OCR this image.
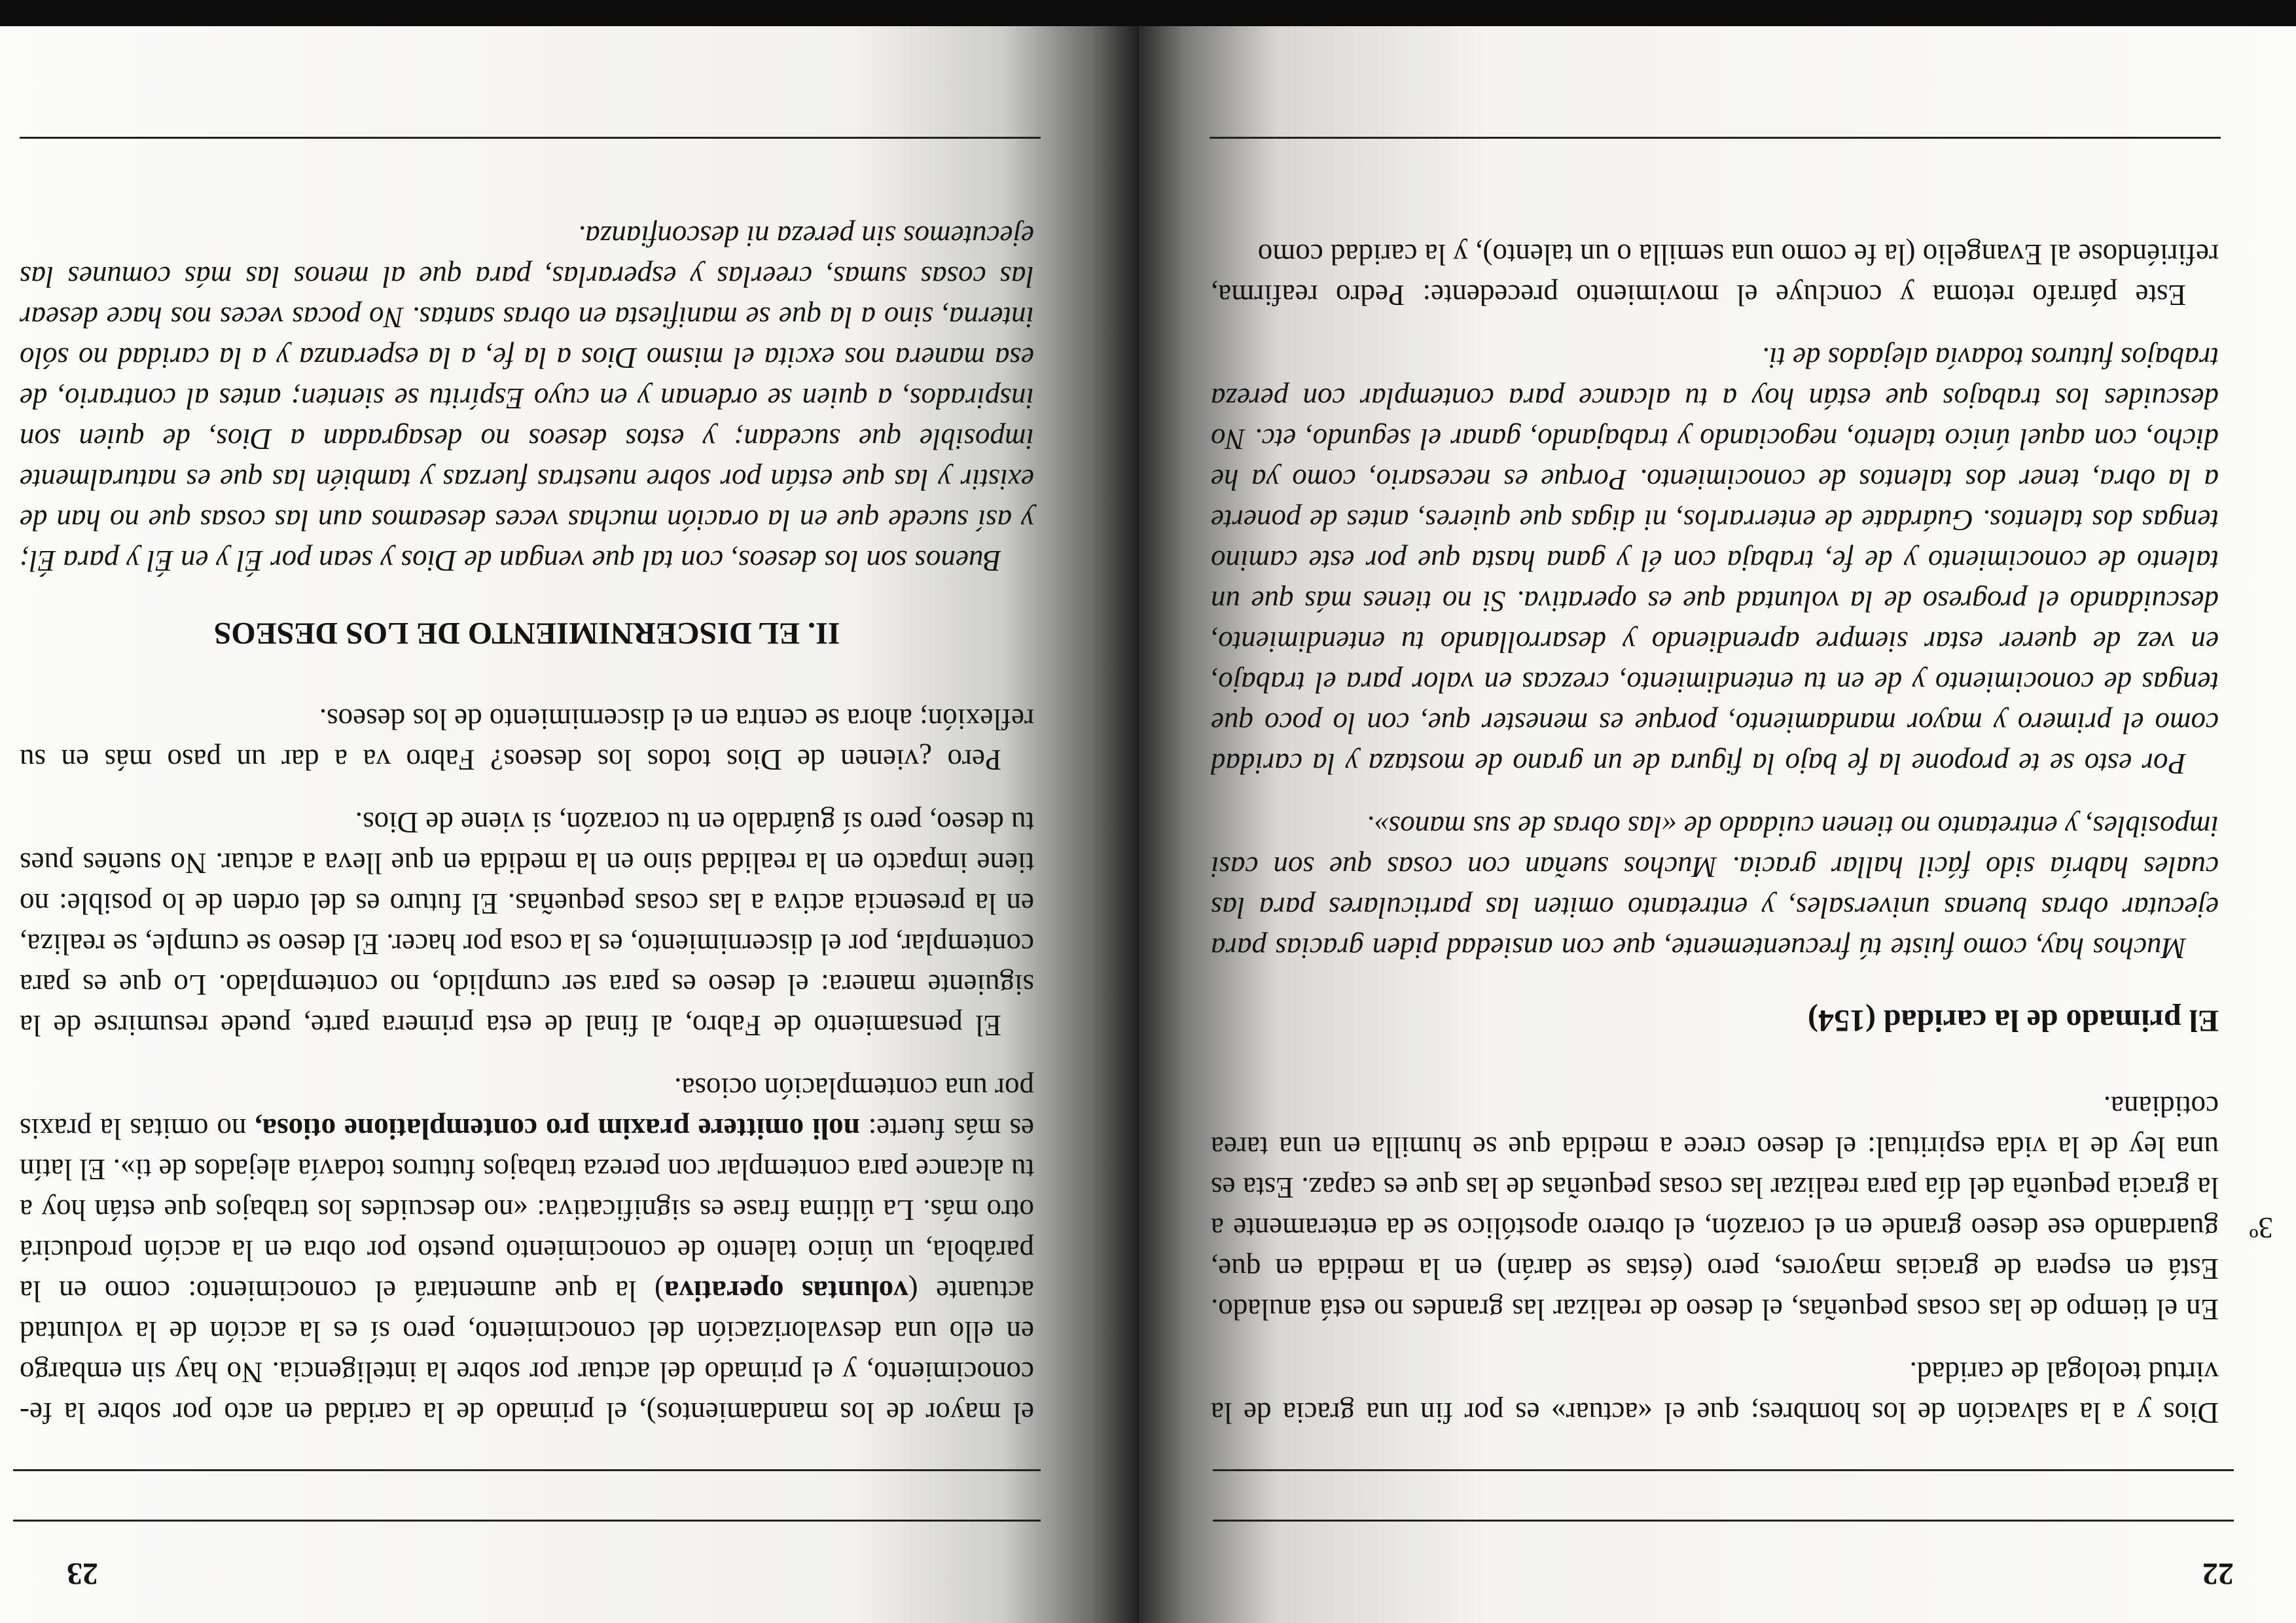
22
3º

Dios y a la salvación de los hombres; que el «actuar» es por fin una gracia de la virtud teologal de caridad.

En el tiempo de las cosas pequeñas, el deseo de realizar las grandes no está anulado. Está en espera de gracias mayores, pero (éstas se darán) en la medida en que, guardando ese deseo grande en el corazón, el obrero apostólico se da enteramente a la gracia pequeña del día para realizar las cosas pequeñas de las que es capaz. Esta es una ley de la vida espiritual: el deseo crece a medida que se humilla en una tarea cotidiana.

El primado de la caridad (154)

Muchos hay, como fuiste tú frecuentemente, que con ansiedad piden gracias para ejecutar obras buenas universales, y entretanto omiten las particulares para las cuales habría sido fácil hallar gracia. Muchos sueñan con cosas que son casi imposibles, y entretanto no tienen cuidado de «las obras de sus manos».

Por esto se te propone la fe bajo la figura de un grano de mostaza y la caridad como el primero y mayor mandamiento, porque es menester que, con lo poco que tengas de conocimiento y de en tu entendimiento, crezcas en valor para el trabajo, en vez de querer estar siempre aprendiendo y desarrollando tu entendimiento, descuidando el progreso de la voluntad que es operativa. Si no tienes más que un talento de conocimiento y de fe, trabaja con él y gana hasta que por este camino tengas dos talentos. Guárdate de enterrarlos, ni digas que quieres, antes de ponerte a la obra, tener dos talentos de conocimiento. Porque es necesario, como ya he dicho, con aquel único talento, negociando y trabajando, ganar el segundo, etc. No descuides los trabajos que están hoy a tu alcance para contemplar con pereza trabajos futuros todavía alejados de ti.

Este párrafo retoma y concluye el movimiento precedente: Pedro reafirma, refiriéndose al Evangelio (la fe como una semilla o un talento), y la caridad como

23

el mayor de los mandamientos), el primado de la caridad en acto por sobre la fe-conocimiento, y el primado del actuar por sobre la inteligencia. No hay sin embargo en ello una desvalorización del conocimiento, pero sí es la acción de la voluntad actuante (voluntas operativa) la que aumentará el conocimiento: como en la parábola, un único talento de conocimiento puesto por obra en la acción producirá otro más. La última frase es significativa: «no descuides los trabajos que están hoy a tu alcance para contemplar con pereza trabajos futuros todavía alejados de ti». El latín es más fuerte: noli omittere praxim pro contemplatione otiosa, no omitas la praxis por una contemplación ociosa.

El pensamiento de Fabro, al final de esta primera parte, puede resumirse de la siguiente manera: el deseo es para ser cumplido, no contemplado. Lo que es para contemplar, por el discernimiento, es la cosa por hacer. El deseo se cumple, se realiza, en la presencia activa a las cosas pequeñas. El futuro es del orden de lo posible: no tiene impacto en la realidad sino en la medida en que lleva a actuar. No sueñes pues tu deseo, pero sí guárdalo en tu corazón, si viene de Dios.

Pero ¿vienen de Dios todos los deseos? Fabro va a dar un paso más en su reflexión; ahora se centra en el discernimiento de los deseos.

II. EL DISCERNIMIENTO DE LOS DESEOS

Buenos son los deseos, con tal que vengan de Dios y sean por Él y en Él y para Él; y así sucede que en la oración muchas veces deseamos aun las cosas que no han de existir y las que están por sobre nuestras fuerzas y también las que es naturalmente imposible que sucedan; y estos deseos no desagradan a Dios, de quien son inspirados, a quien se ordenan y en cuyo Espíritu se sienten; antes al contrario, de esa manera nos excita el mismo Dios a la fe, a la esperanza y a la caridad no sólo interna, sino a la que se manifiesta en obras santas. No pocas veces nos hace desear las cosas sumas, creerlas y esperarlas, para que al menos las más comunes las ejecutemos sin pereza ni desconfianza.
